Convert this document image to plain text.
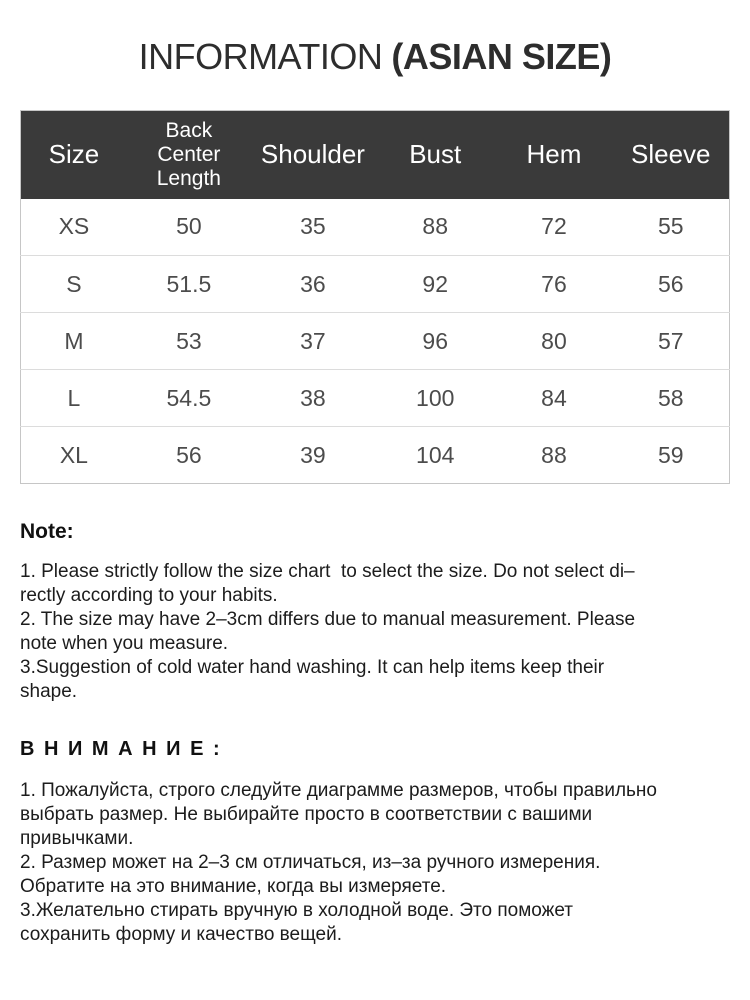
INFORMATION (ASIAN SIZE)
Size	Back Center Length	Shoulder	Bust	Hem	Sleeve
XS	50	35	88	72	55
S	51.5	36	92	76	56
M	53	37	96	80	57
L	54.5	38	100	84	58
XL	56	39	104	88	59
Note:
1. Please strictly follow the size chart  to select the size. Do not select di–
rectly according to your habits.
2. The size may have 2–3cm differs due to manual measurement. Please
note when you measure.
3.Suggestion of cold water hand washing. It can help items keep their
shape.
В Н И М А Н И Е :
1. Пожалуйста, строго следуйте диаграмме размеров, чтобы правильно
выбрать размер. Не выбирайте просто в соответствии с вашими
привычками.
2. Размер может на 2–3 см отличаться, из–за ручного измерения.
Обратите на это внимание, когда вы измеряете.
3.Желательно стирать вручную в холодной воде. Это поможет
сохранить форму и качество вещей.
